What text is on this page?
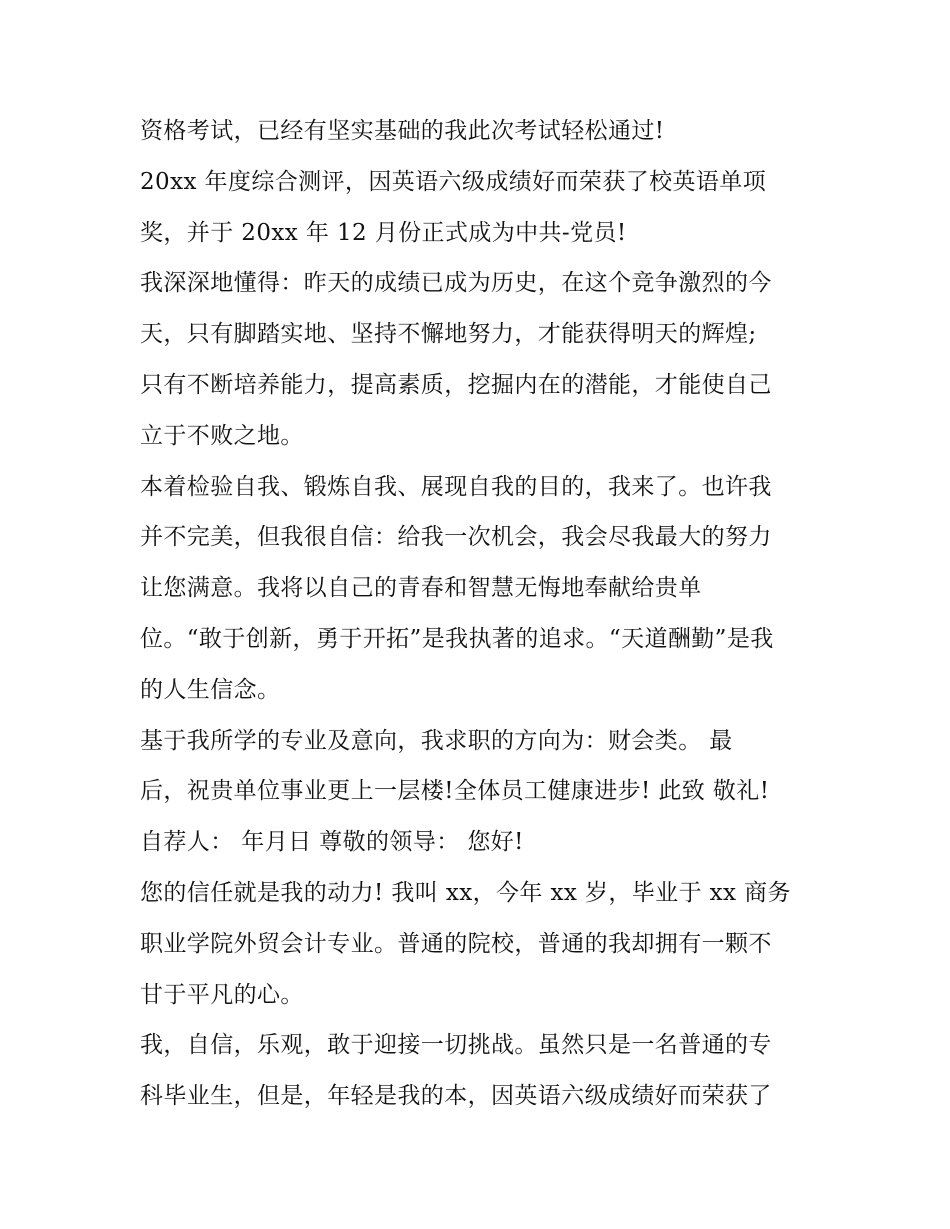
资格考试，已经有坚实基础的我此次考试轻松通过!
20xx 年度综合测评，因英语六级成绩好而荣获了校英语单项
奖，并于 20xx 年 12 月份正式成为中共-党员!
我深深地懂得：昨天的成绩已成为历史，在这个竞争激烈的今
天，只有脚踏实地、坚持不懈地努力，才能获得明天的辉煌;
只有不断培养能力，提高素质，挖掘内在的潜能，才能使自己
立于不败之地。
本着检验自我、锻炼自我、展现自我的目的，我来了。也许我
并不完美，但我很自信：给我一次机会，我会尽我最大的努力
让您满意。我将以自己的青春和智慧无悔地奉献给贵单
位。“敢于创新，勇于开拓”是我执著的追求。“天道酬勤”是我
的人生信念。
基于我所学的专业及意向，我求职的方向为：财会类。 最
后，祝贵单位事业更上一层楼!全体员工健康进步! 此致 敬礼!
自荐人： 年月日 尊敬的领导： 您好!
您的信任就是我的动力! 我叫 xx，今年 xx 岁，毕业于 xx 商务
职业学院外贸会计专业。普通的院校，普通的我却拥有一颗不
甘于平凡的心。
我，自信，乐观，敢于迎接一切挑战。虽然只是一名普通的专
科毕业生，但是，年轻是我的本，因英语六级成绩好而荣获了
